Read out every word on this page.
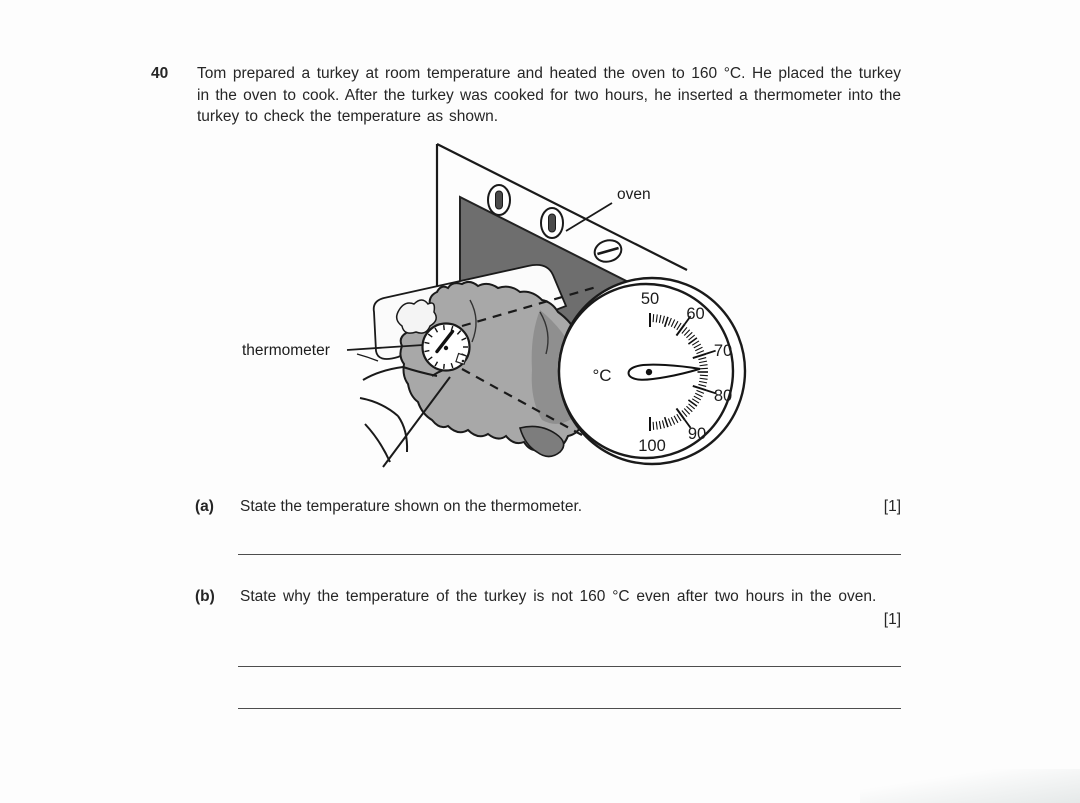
40 Tom prepared a turkey at room temperature and heated the oven to 160 °C. He placed the turkey in the oven to cook. After the turkey was cooked for two hours, he inserted a thermometer into the turkey to check the temperature as shown.
oven
50
60
70
80
90
100
°C
thermometer
(a) State the temperature shown on the thermometer.	[1]
(b) State why the temperature of the turkey is not 160 °C even after two hours in the oven.
[1]
